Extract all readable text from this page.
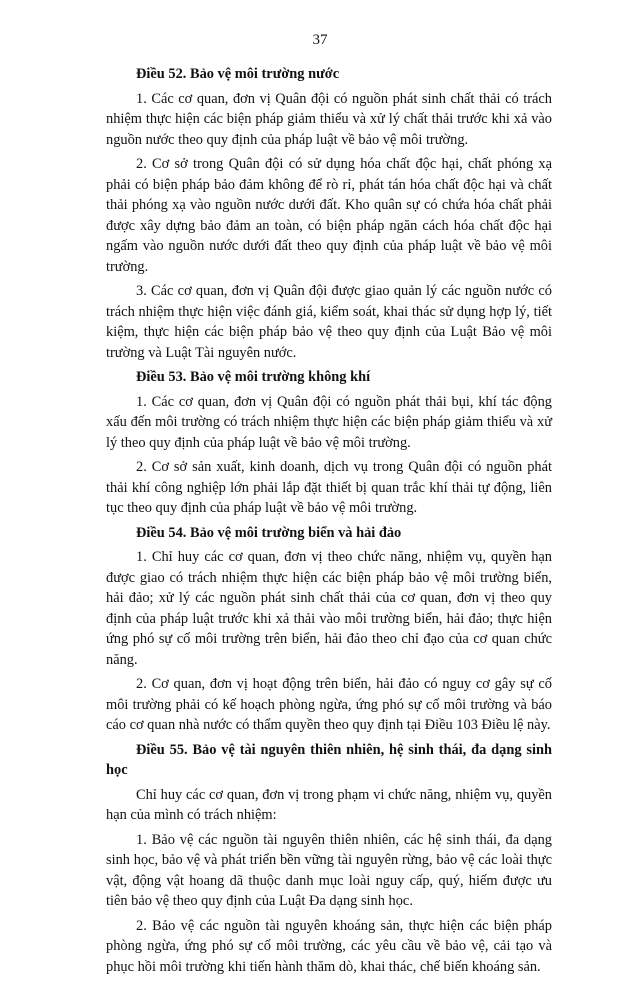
37

Điều 52. Bảo vệ môi trường nước

1. Các cơ quan, đơn vị Quân đội có nguồn phát sinh chất thải có trách nhiệm thực hiện các biện pháp giảm thiểu và xử lý chất thải trước khi xả vào nguồn nước theo quy định của pháp luật về bảo vệ môi trường.

2. Cơ sở trong Quân đội có sử dụng hóa chất độc hại, chất phóng xạ phải có biện pháp bảo đảm không để rò rỉ, phát tán hóa chất độc hại và chất thải phóng xạ vào nguồn nước dưới đất. Kho quân sự có chứa hóa chất phải được xây dựng bảo đảm an toàn, có biện pháp ngăn cách hóa chất độc hại ngấm vào nguồn nước dưới đất theo quy định của pháp luật về bảo vệ môi trường.

3. Các cơ quan, đơn vị Quân đội được giao quản lý các nguồn nước có trách nhiệm thực hiện việc đánh giá, kiểm soát, khai thác sử dụng hợp lý, tiết kiệm, thực hiện các biện pháp bảo vệ theo quy định của Luật Bảo vệ môi trường và Luật Tài nguyên nước.

Điều 53. Bảo vệ môi trường không khí

1. Các cơ quan, đơn vị Quân đội có nguồn phát thải bụi, khí tác động xấu đến môi trường có trách nhiệm thực hiện các biện pháp giảm thiểu và xử lý theo quy định của pháp luật về bảo vệ môi trường.

2. Cơ sở sản xuất, kinh doanh, dịch vụ trong Quân đội có nguồn phát thải khí công nghiệp lớn phải lắp đặt thiết bị quan trắc khí thải tự động, liên tục theo quy định của pháp luật về bảo vệ môi trường.

Điều 54. Bảo vệ môi trường biển và hải đảo

1. Chỉ huy các cơ quan, đơn vị theo chức năng, nhiệm vụ, quyền hạn được giao có trách nhiệm thực hiện các biện pháp bảo vệ môi trường biển, hải đảo; xử lý các nguồn phát sinh chất thải của cơ quan, đơn vị theo quy định của pháp luật trước khi xả thải vào môi trường biển, hải đảo; thực hiện ứng phó sự cố môi trường trên biển, hải đảo theo chỉ đạo của cơ quan chức năng.

2. Cơ quan, đơn vị hoạt động trên biển, hải đảo có nguy cơ gây sự cố môi trường phải có kế hoạch phòng ngừa, ứng phó sự cố môi trường và báo cáo cơ quan nhà nước có thẩm quyền theo quy định tại Điều 103 Điều lệ này.

Điều 55. Bảo vệ tài nguyên thiên nhiên, hệ sinh thái, đa dạng sinh học

Chỉ huy các cơ quan, đơn vị trong phạm vi chức năng, nhiệm vụ, quyền hạn của mình có trách nhiệm:

1. Bảo vệ các nguồn tài nguyên thiên nhiên, các hệ sinh thái, đa dạng sinh học, bảo vệ và phát triển bền vững tài nguyên rừng, bảo vệ các loài thực vật, động vật hoang dã thuộc danh mục loài nguy cấp, quý, hiếm được ưu tiên bảo vệ theo quy định của Luật Đa dạng sinh học.

2. Bảo vệ các nguồn tài nguyên khoáng sản, thực hiện các biện pháp phòng ngừa, ứng phó sự cố môi trường, các yêu cầu về bảo vệ, cải tạo và phục hồi môi trường khi tiến hành thăm dò, khai thác, chế biến khoáng sản.
